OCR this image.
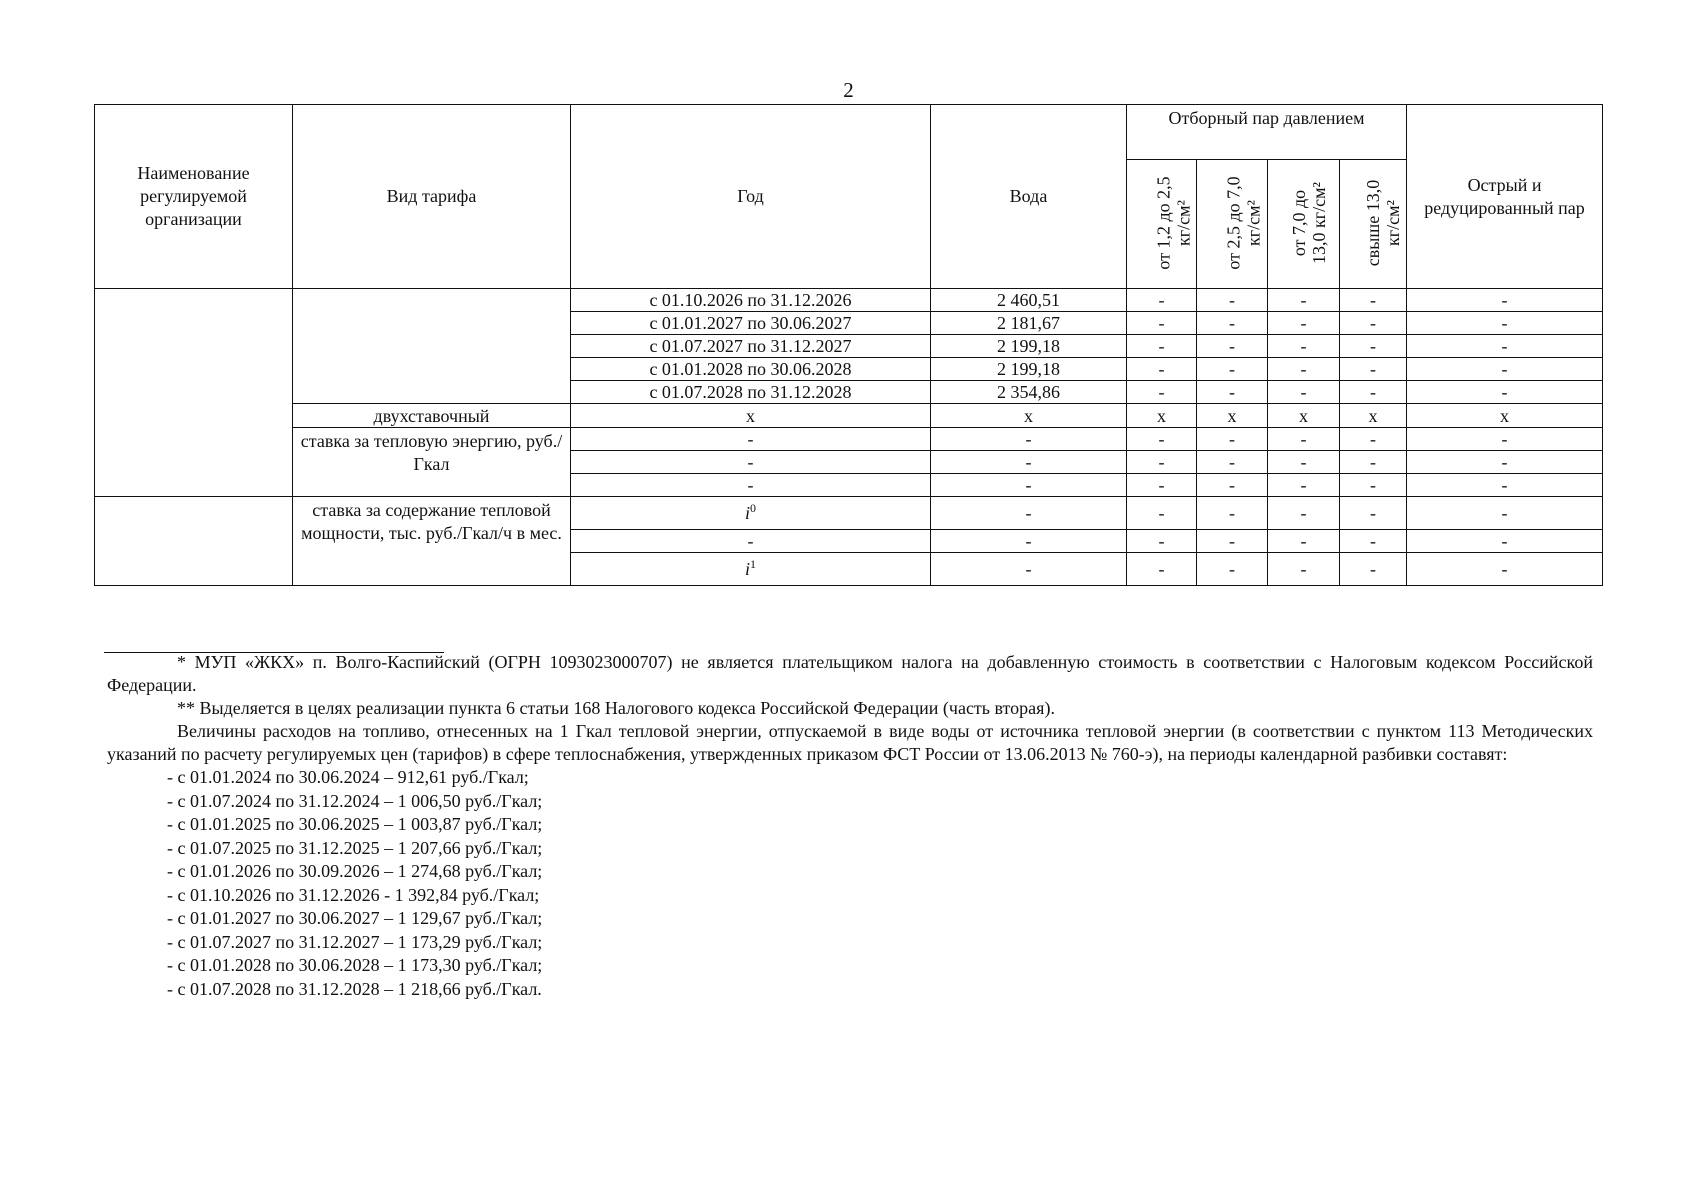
2
Наименование регулируемой организации	Вид тарифа	Год	Вода	Отборный пар давлением				Острый и редуцированный пар

				от 1,2 до 2,5 кг/см²	от 2,5 до 7,0 кг/см²	от 7,0 до 13,0 кг/см²	свыше 13,0 кг/см²	

		с 01.10.2026 по 31.12.2026	2 460,51	-	-	-	-	-
		с 01.01.2027 по 30.06.2027	2 181,67	-	-	-	-	-
		с 01.07.2027 по 31.12.2027	2 199,18	-	-	-	-	-
		с 01.01.2028 по 30.06.2028	2 199,18	-	-	-	-	-
		с 01.07.2028 по 31.12.2028	2 354,86	-	-	-	-	-
	двухставочный	x	x	x	x	x	x	x
	ставка за тепловую энергию, руб./Гкал	-	-	-	-	-	-	-
		-	-	-	-	-	-	-
		-	-	-	-	-	-	-
	ставка за содержание тепловой мощности, тыс. руб./Гкал/ч в мес.	$i^0$	-	-	-	-	-	-
		-	-	-	-	-	-	-
		$i^1$	-	-	-	-	-	-

* МУП «ЖКХ» п. Волго-Каспийский (ОГРН 1093023000707) не является плательщиком налога на добавленную стоимость в соответствии с Налоговым кодексом Российской Федерации.

** Выделяется в целях реализации пункта 6 статьи 168 Налогового кодекса Российской Федерации (часть вторая).

Величины расходов на топливо, отнесенных на 1 Гкал тепловой энергии, отпускаемой в виде воды от источника тепловой энергии (в соответствии с пунктом 113 Методических указаний по расчету регулируемых цен (тарифов) в сфере теплоснабжения, утвержденных приказом ФСТ России от 13.06.2013 № 760-э), на периоды календарной разбивки составят:

- с 01.01.2024 по 30.06.2024 – 912,61 руб./Гкал;
- с 01.07.2024 по 31.12.2024 – 1 006,50 руб./Гкал;
- с 01.01.2025 по 30.06.2025 – 1 003,87 руб./Гкал;
- с 01.07.2025 по 31.12.2025 – 1 207,66 руб./Гкал;
- с 01.01.2026 по 30.09.2026 – 1 274,68 руб./Гкал;
- с 01.10.2026 по 31.12.2026 - 1 392,84 руб./Гкал;
- с 01.01.2027 по 30.06.2027 – 1 129,67 руб./Гкал;
- с 01.07.2027 по 31.12.2027 – 1 173,29 руб./Гкал;
- с 01.01.2028 по 30.06.2028 – 1 173,30 руб./Гкал;
- с 01.07.2028 по 31.12.2028 – 1 218,66 руб./Гкал.
